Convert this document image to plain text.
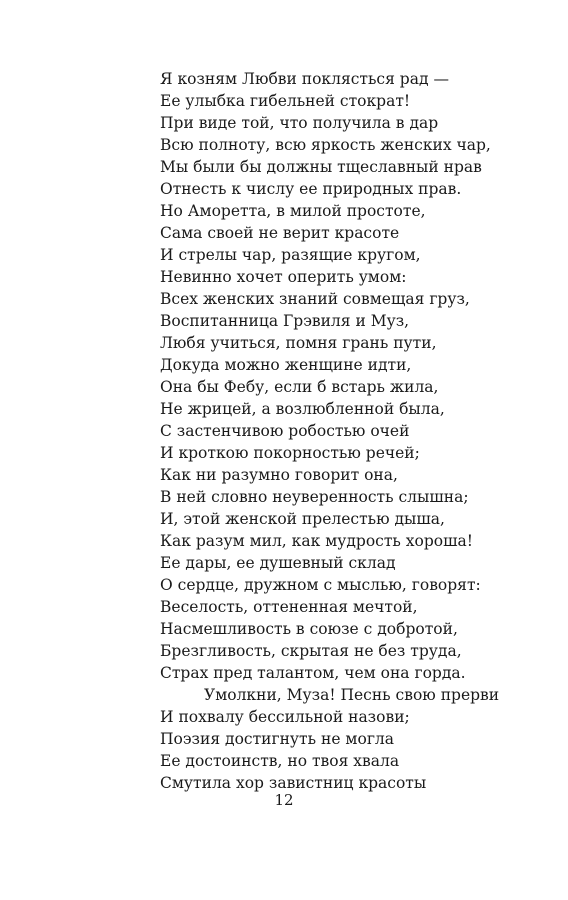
Я козням Любви поклясться рад —
Ее улыбка гибельней стократ!
При виде той, что получила в дар
Всю полноту, всю яркость женских чар,
Мы были бы должны тщеславный нрав
Отнесть к числу ее природных прав.
Но Аморетта, в милой простоте,
Сама своей не верит красоте
И стрелы чар, разящие кругом,
Невинно хочет оперить умом:
Всех женских знаний совмещая груз,
Воспитанница Грэвиля и Муз,
Любя учиться, помня грань пути,
Докуда можно женщине идти,
Она бы Фебу, если б встарь жила,
Не жрицей, а возлюбленной была,
С застенчивою робостью очей
И кроткою покорностью речей;
Как ни разумно говорит она,
В ней словно неуверенность слышна;
И, этой женской прелестью дыша,
Как разум мил, как мудрость хороша!
Ее дары, ее душевный склад
О сердце, дружном с мыслью, говорят:
Веселость, оттененная мечтой,
Насмешливость в союзе с добротой,
Брезгливость, скрытая не без труда,
Страх пред талантом, чем она горда.
Умолкни, Муза! Песнь свою прерви
И похвалу бессильной назови;
Поэзия достигнуть не могла
Ее достоинств, но твоя хвала
Смутила хор завистниц красоты
12
